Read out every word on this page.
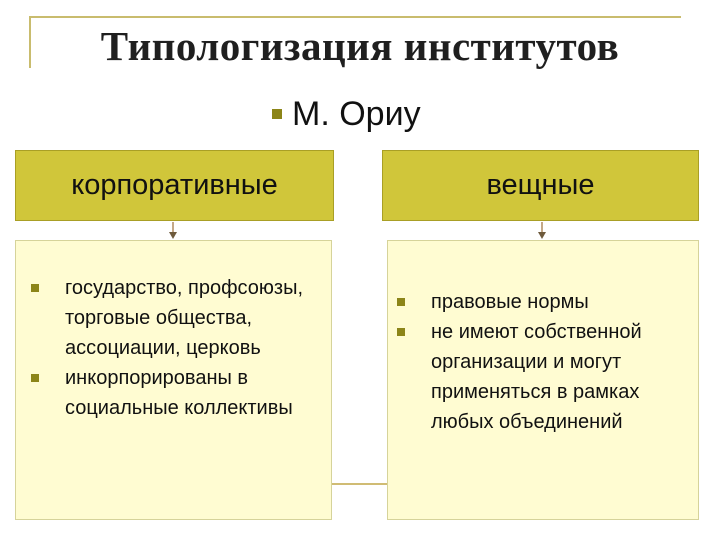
Типологизация институтов
М. Ориу
корпоративные	вещные
государство, профсоюзы, торговые общества, ассоциации, церковь
инкорпорированы в социальные коллективы
правовые нормы
не имеют собственной организации и могут применяться в рамках любых объединений
